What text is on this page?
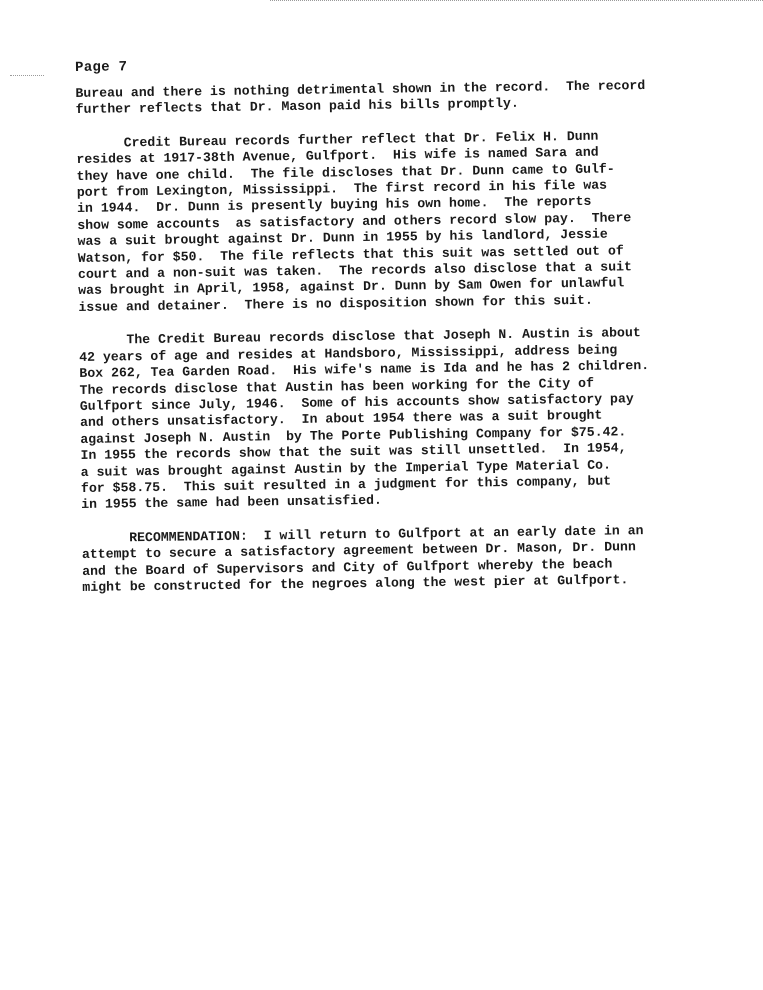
Page 7

Bureau and there is nothing detrimental shown in the record.  The record
further reflects that Dr. Mason paid his bills promptly.

Credit Bureau records further reflect that Dr. Felix H. Dunn
resides at 1917-38th Avenue, Gulfport.  His wife is named Sara and
they have one child.  The file discloses that Dr. Dunn came to Gulf-
port from Lexington, Mississippi.  The first record in his file was
in 1944.  Dr. Dunn is presently buying his own home.  The reports
show some accounts  as satisfactory and others record slow pay.  There
was a suit brought against Dr. Dunn in 1955 by his landlord, Jessie
Watson, for $50.  The file reflects that this suit was settled out of
court and a non-suit was taken.  The records also disclose that a suit
was brought in April, 1958, against Dr. Dunn by Sam Owen for unlawful
issue and detainer.  There is no disposition shown for this suit.

The Credit Bureau records disclose that Joseph N. Austin is about
42 years of age and resides at Handsboro, Mississippi, address being
Box 262, Tea Garden Road.  His wife's name is Ida and he has 2 children.
The records disclose that Austin has been working for the City of
Gulfport since July, 1946.  Some of his accounts show satisfactory pay
and others unsatisfactory.  In about 1954 there was a suit brought
against Joseph N. Austin  by The Porte Publishing Company for $75.42.
In 1955 the records show that the suit was still unsettled.  In 1954,
a suit was brought against Austin by the Imperial Type Material Co.
for $58.75.  This suit resulted in a judgment for this company, but
in 1955 the same had been unsatisfied.

RECOMMENDATION:  I will return to Gulfport at an early date in an
attempt to secure a satisfactory agreement between Dr. Mason, Dr. Dunn
and the Board of Supervisors and City of Gulfport whereby the beach
might be constructed for the negroes along the west pier at Gulfport.
